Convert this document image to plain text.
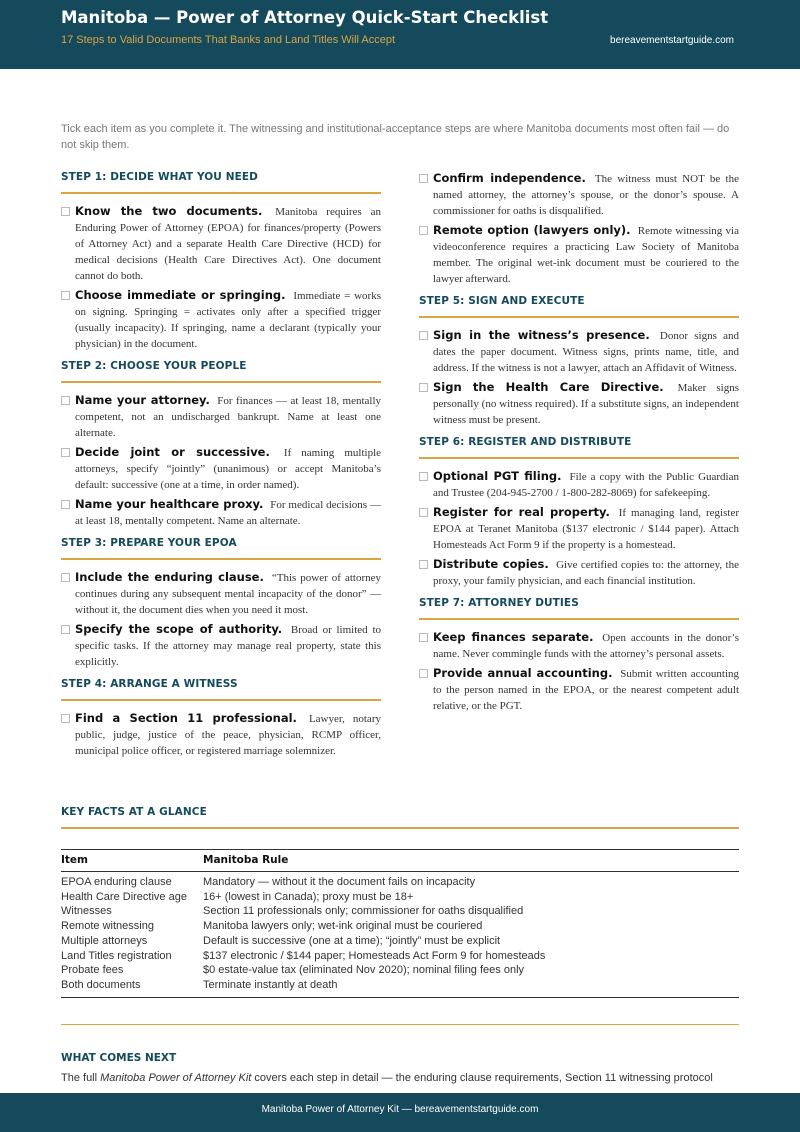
Manitoba — Power of Attorney Quick-Start Checklist
17 Steps to Valid Documents That Banks and Land Titles Will Accept	bereavementstartguide.com
Tick each item as you complete it. The witnessing and institutional-acceptance steps are where Manitoba documents most often fail — do not skip them.
STEP 1: DECIDE WHAT YOU NEED
Know the two documents. Manitoba requires an Enduring Power of Attorney (EPOA) for finances/property (Powers of Attorney Act) and a separate Health Care Directive (HCD) for medical decisions (Health Care Directives Act). One document cannot do both.
Choose immediate or springing. Immediate = works on signing. Springing = activates only after a specified trigger (usually incapacity). If springing, name a declarant (typically your physician) in the document.
STEP 2: CHOOSE YOUR PEOPLE
Name your attorney. For finances — at least 18, mentally competent, not an undischarged bankrupt. Name at least one alternate.
Decide joint or successive. If naming multiple attorneys, specify “jointly” (unanimous) or accept Manitoba’s default: successive (one at a time, in order named).
Name your healthcare proxy. For medical decisions — at least 18, mentally competent. Name an alternate.
STEP 3: PREPARE YOUR EPOA
Include the enduring clause. “This power of attorney continues during any subsequent mental incapacity of the donor” — without it, the document dies when you need it most.
Specify the scope of authority. Broad or limited to specific tasks. If the attorney may manage real property, state this explicitly.
STEP 4: ARRANGE A WITNESS
Find a Section 11 professional. Lawyer, notary public, judge, justice of the peace, physician, RCMP officer, municipal police officer, or registered marriage solemnizer.
Confirm independence. The witness must NOT be the named attorney, the attorney’s spouse, or the donor’s spouse. A commissioner for oaths is disqualified.
Remote option (lawyers only). Remote witnessing via videoconference requires a practicing Law Society of Manitoba member. The original wet-ink document must be couriered to the lawyer afterward.
STEP 5: SIGN AND EXECUTE
Sign in the witness’s presence. Donor signs and dates the paper document. Witness signs, prints name, title, and address. If the witness is not a lawyer, attach an Affidavit of Witness.
Sign the Health Care Directive. Maker signs personally (no witness required). If a substitute signs, an independent witness must be present.
STEP 6: REGISTER AND DISTRIBUTE
Optional PGT filing. File a copy with the Public Guardian and Trustee (204-945-2700 / 1-800-282-8069) for safekeeping.
Register for real property. If managing land, register EPOA at Teranet Manitoba ($137 electronic / $144 paper). Attach Homesteads Act Form 9 if the property is a homestead.
Distribute copies. Give certified copies to: the attorney, the proxy, your family physician, and each financial institution.
STEP 7: ATTORNEY DUTIES
Keep finances separate. Open accounts in the donor’s name. Never commingle funds with the attorney’s personal assets.
Provide annual accounting. Submit written accounting to the person named in the EPOA, or the nearest competent adult relative, or the PGT.
KEY FACTS AT A GLANCE
Item	Manitoba Rule
EPOA enduring clause	Mandatory — without it the document fails on incapacity
Health Care Directive age	16+ (lowest in Canada); proxy must be 18+
Witnesses	Section 11 professionals only; commissioner for oaths disqualified
Remote witnessing	Manitoba lawyers only; wet-ink original must be couriered
Multiple attorneys	Default is successive (one at a time); “jointly” must be explicit
Land Titles registration	$137 electronic / $144 paper; Homesteads Act Form 9 for homesteads
Probate fees	$0 estate-value tax (eliminated Nov 2020); nominal filing fees only
Both documents	Terminate instantly at death
WHAT COMES NEXT
The full Manitoba Power of Attorney Kit covers each step in detail — the enduring clause requirements, Section 11 witnessing protocol
Manitoba Power of Attorney Kit — bereavementstartguide.com
